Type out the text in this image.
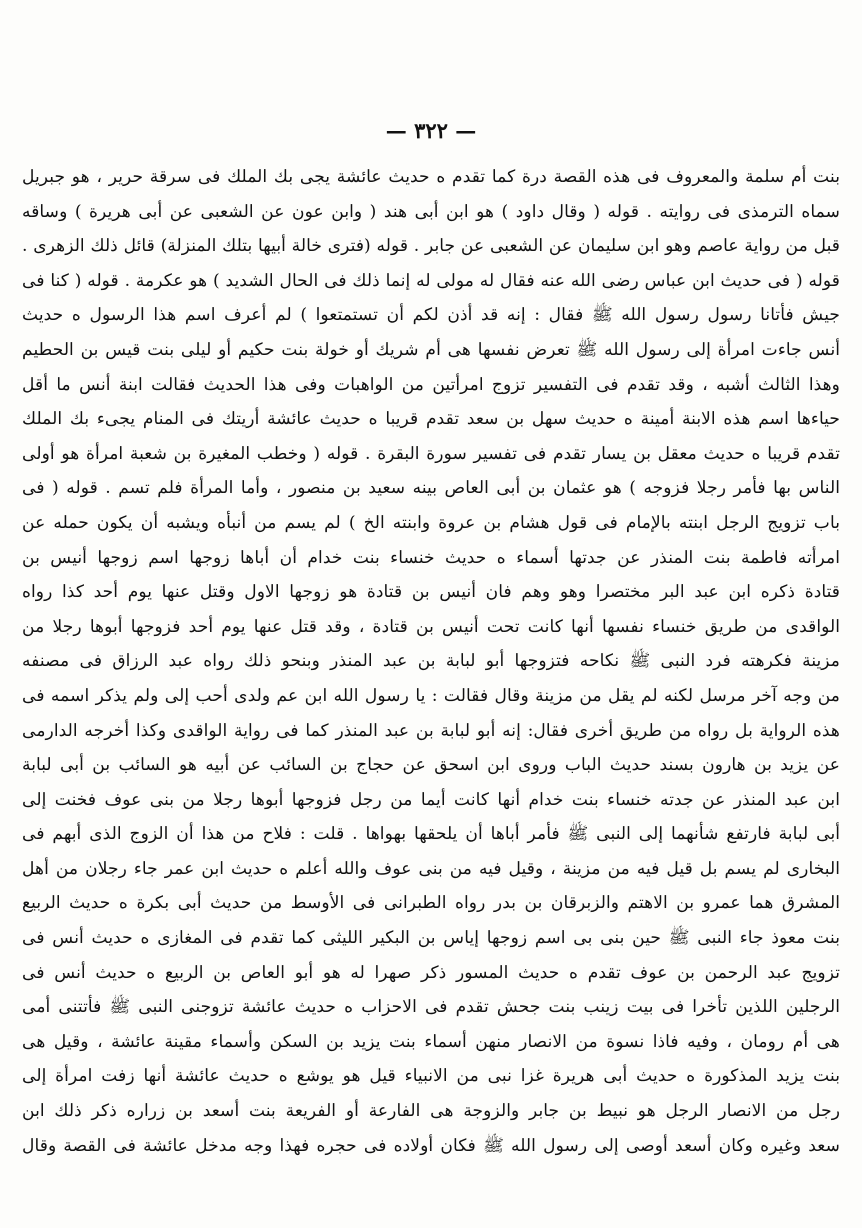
— ٣٢٢ —
بنت أم سلمة والمعروف فى هذه القصة درة كما تقدم ه حديث عائشة يجى بك الملك فى سرقة حرير ، هو جبريل
سماه الترمذى فى روايته . قوله ( وقال داود ) هو ابن أبى هند ( وابن عون عن الشعبى عن أبى هريرة ) وساقه
قبل من رواية عاصم وهو ابن سليمان عن الشعبى عن جابر . قوله (فترى خالة أبيها بتلك المنزلة) قائل ذلك الزهرى .
قوله ( فى حديث ابن عباس رضى الله عنه فقال له مولى له إنما ذلك فى الحال الشديد ) هو عكرمة . قوله ( كنا فى
جيش فأتانا رسول رسول الله ﷺ فقال : إنه قد أذن لكم أن تستمتعوا ) لم أعرف اسم هذا الرسول ه حديث
أنس جاءت امرأة إلى رسول الله ﷺ تعرض نفسها هى أم شريك أو خولة بنت حكيم أو ليلى بنت قيس بن الحطيم
وهذا الثالث أشبه ، وقد تقدم فى التفسير تزوج امرأتين من الواهبات وفى هذا الحديث فقالت ابنة أنس ما أقل
حياءها اسم هذه الابنة أمينة ه حديث سهل بن سعد تقدم قريبا ه حديث عائشة أريتك فى المنام يجىء بك الملك
تقدم قريبا ه حديث معقل بن يسار تقدم فى تفسير سورة البقرة . قوله ( وخطب المغيرة بن شعبة امرأة هو أولى
الناس بها فأمر رجلا فزوجه ) هو عثمان بن أبى العاص بينه سعيد بن منصور ، وأما المرأة فلم تسم . قوله ( فى
باب تزويج الرجل ابنته بالإمام فى قول هشام بن عروة وابنته الخ ) لم يسم من أنبأه ويشبه أن يكون حمله عن
امرأته فاطمة بنت المنذر عن جدتها أسماء ه حديث خنساء بنت خدام أن أباها زوجها اسم زوجها أنيس بن
قتادة ذكره ابن عبد البر مختصرا وهو وهم فان أنيس بن قتادة هو زوجها الاول وقتل عنها يوم أحد كذا رواه
الواقدى من طريق خنساء نفسها أنها كانت تحت أنيس بن قتادة ، وقد قتل عنها يوم أحد فزوجها أبوها رجلا من
مزينة فكرهته فرد النبى ﷺ نكاحه فتزوجها أبو لبابة بن عبد المنذر وبنحو ذلك رواه عبد الرزاق فى مصنفه
من وجه آخر مرسل لكنه لم يقل من مزينة وقال فقالت : يا رسول الله ابن عم ولدى أحب إلى ولم يذكر اسمه فى
هذه الرواية بل رواه من طريق أخرى فقال: إنه أبو لبابة بن عبد المنذر كما فى رواية الواقدى وكذا أخرجه الدارمى
عن يزيد بن هارون بسند حديث الباب وروى ابن اسحق عن حجاج بن السائب عن أبيه هو السائب بن أبى لبابة
ابن عبد المنذر عن جدته خنساء بنت خدام أنها كانت أيما من رجل فزوجها أبوها رجلا من بنى عوف فخنت إلى
أبى لبابة فارتفع شأنهما إلى النبى ﷺ فأمر أباها أن يلحقها بهواها . قلت : فلاح من هذا أن الزوج الذى أبهم فى
البخارى لم يسم بل قيل فيه من مزينة ، وقيل فيه من بنى عوف والله أعلم ه حديث ابن عمر جاء رجلان من أهل
المشرق هما عمرو بن الاهتم والزبرقان بن بدر رواه الطبرانى فى الأوسط من حديث أبى بكرة ه حديث الربيع
بنت معوذ جاء النبى ﷺ حين بنى بى اسم زوجها إياس بن البكير الليثى كما تقدم فى المغازى ه حديث أنس فى
تزويج عبد الرحمن بن عوف تقدم ه حديث المسور ذكر صهرا له هو أبو العاص بن الربيع ه حديث أنس فى
الرجلين اللذين تأخرا فى بيت زينب بنت جحش تقدم فى الاحزاب ه حديث عائشة تزوجنى النبى ﷺ فأتتنى أمى
هى أم رومان ، وفيه فاذا نسوة من الانصار منهن أسماء بنت يزيد بن السكن وأسماء مقينة عائشة ، وقيل هى
بنت يزيد المذكورة ه حديث أبى هريرة غزا نبى من الانبياء قيل هو يوشع ه حديث عائشة أنها زفت امرأة إلى
رجل من الانصار الرجل هو نبيط بن جابر والزوجة هى الفارعة أو الفريعة بنت أسعد بن زراره ذكر ذلك ابن
سعد وغيره وكان أسعد أوصى إلى رسول الله ﷺ فكان أولاده فى حجره فهذا وجه مدخل عائشة فى القصة وقال
